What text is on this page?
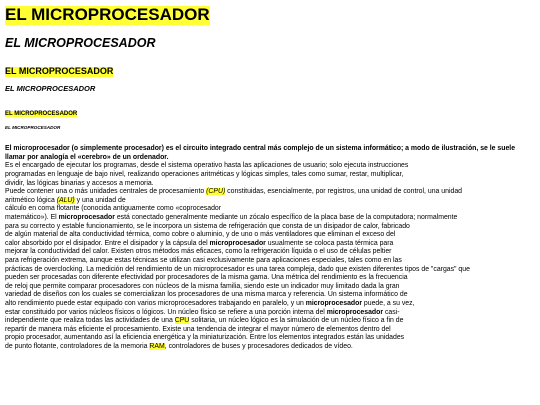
EL MICROPROCESADOR
EL MICROPROCESADOR
EL MICROPROCESADOR
EL MICROPROCESADOR
EL MICROPROCESADOR
EL MICROPROCESADOR

El microprocesador (o simplemente procesador) es el circuito integrado central más complejo de un sistema informático; a modo de ilustración, se le suele llamar por analogía el «cerebro» de un ordenador.
Es el encargado de ejecutar los programas, desde el sistema operativo hasta las aplicaciones de usuario; solo ejecuta instrucciones
programadas en lenguaje de bajo nivel, realizando operaciones aritméticas y lógicas simples, tales como sumar, restar, multiplicar,
dividir, las lógicas binarias y accesos a memoria.
Puede contener una o más unidades centrales de procesamiento (CPU) constituidas, esencialmente, por registros, una unidad de control, una unidad
aritmético lógica (ALU) y una unidad de
cálculo en coma flotante (conocida antiguamente como «coprocesador
matemático»). El microprocesador está conectado generalmente mediante un zócalo específico de la placa base de la computadora; normalmente
para su correcto y estable funcionamiento, se le incorpora un sistema de refrigeración que consta de un disipador de calor, fabricado
de algún material de alta conductividad térmica, como cobre o aluminio, y de uno o más ventiladores que eliminan el exceso del
calor absorbido por el disipador. Entre el disipador y la cápsula del microprocesador usualmente se coloca pasta térmica para
mejorar la conductividad del calor. Existen otros métodos más eficaces, como la refrigeración líquida o el uso de células peltier
para refrigeración extrema, aunque estas técnicas se utilizan casi exclusivamente para aplicaciones especiales, tales como en las
prácticas de overclocking. La medición del rendimiento de un microprocesador es una tarea compleja, dado que existen diferentes tipos de "cargas" que
pueden ser procesadas con diferente efectividad por procesadores de la misma gama. Una métrica del rendimiento es la frecuencia
de reloj que permite comparar procesadores con núcleos de la misma familia, siendo este un indicador muy limitado dada la gran
variedad de diseños con los cuales se comercializan los procesadores de una misma marca y referencia. Un sistema informático de
alto rendimiento puede estar equipado con varios microprocesadores trabajando en paralelo, y un microprocesador puede, a su vez,
estar constituido por varios núcleos físicos o lógicos. Un núcleo físico se refiere a una porción interna del microprocesador casi-
independiente que realiza todas las actividades de una CPU solitaria, un núcleo lógico es la simulación de un núcleo físico a fin de
repartir de manera más eficiente el procesamiento. Existe una tendencia de integrar el mayor número de elementos dentro del
propio procesador, aumentando así la eficiencia energética y la miniaturización. Entre los elementos integrados están las unidades
de punto flotante, controladores de la memoria RAM, controladores de buses y procesadores dedicados de vídeo.
